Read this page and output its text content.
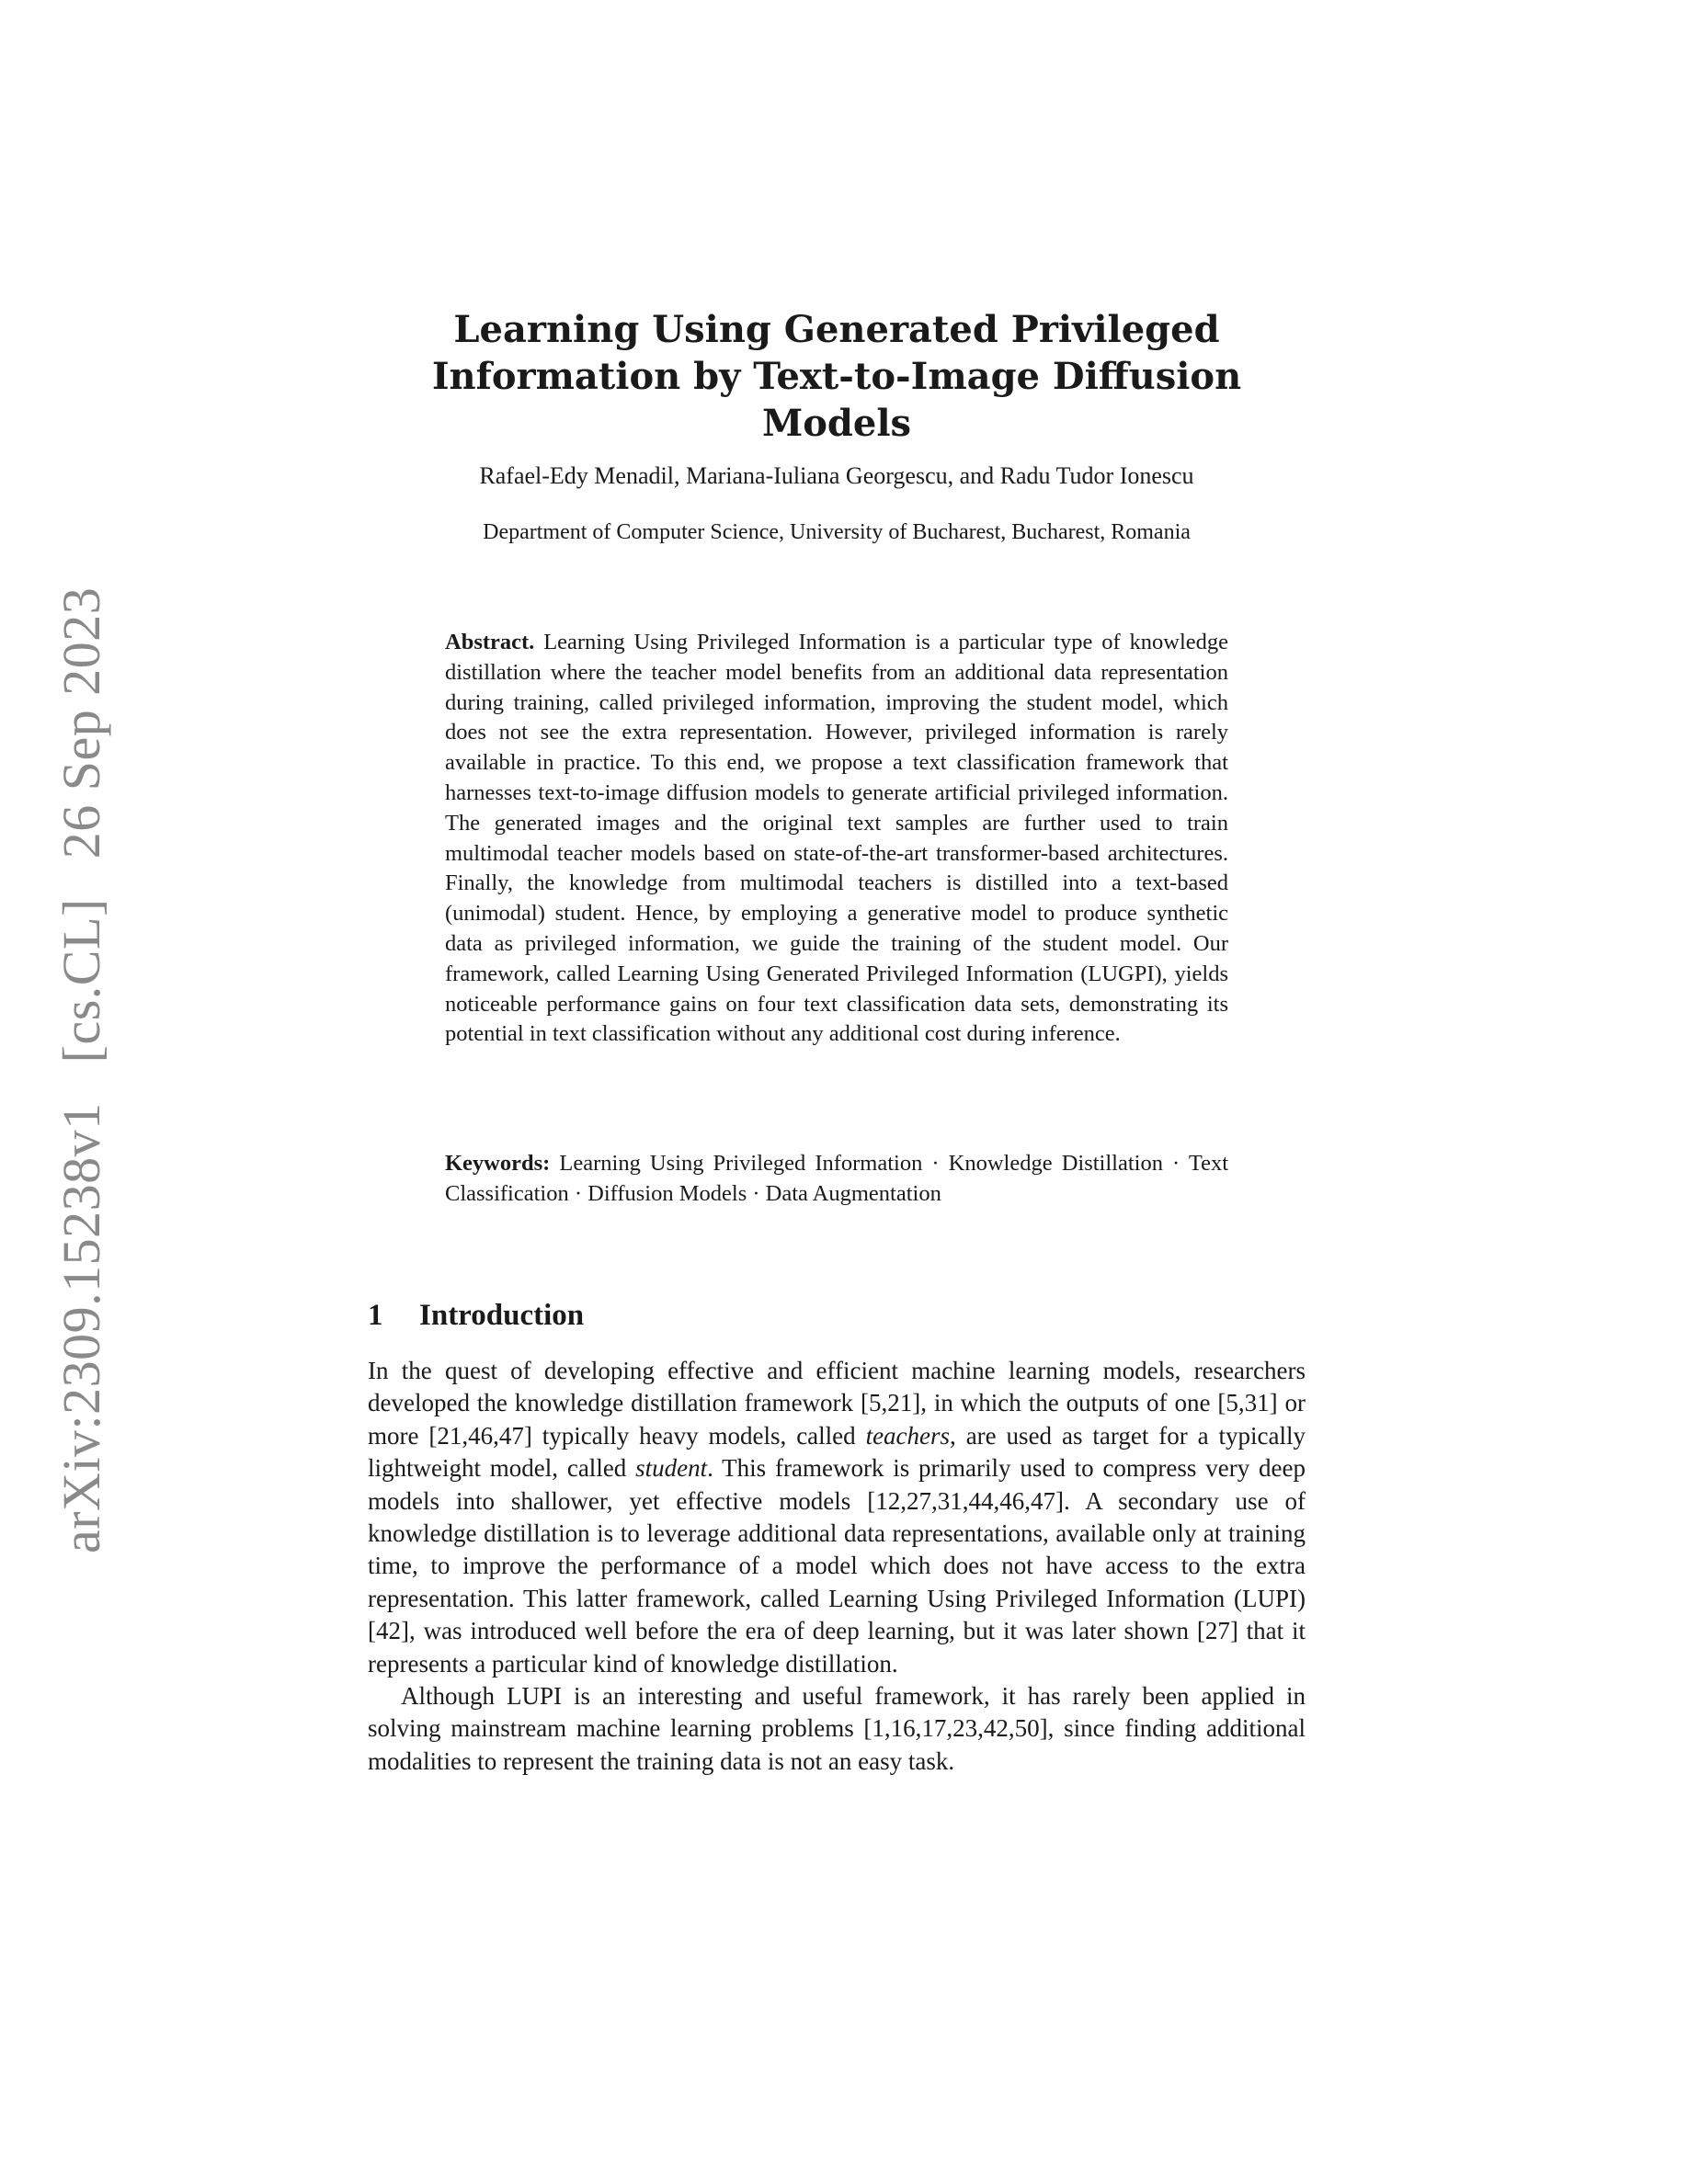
arXiv:2309.15238v1 [cs.CL] 26 Sep 2023
Learning Using Generated Privileged
Information by Text-to-Image Diffusion Models
Rafael-Edy Menadil, Mariana-Iuliana Georgescu, and Radu Tudor Ionescu
Department of Computer Science, University of Bucharest, Bucharest, Romania
Abstract. Learning Using Privileged Information is a particular type of knowledge distillation where the teacher model benefits from an additional data representation during training, called privileged information, improving the student model, which does not see the extra representation. However, privileged information is rarely available in practice. To this end, we propose a text classification framework that harnesses text-to-image diffusion models to generate artificial privileged information. The generated images and the original text samples are further used to train multimodal teacher models based on state-of-the-art transformer-based architectures. Finally, the knowledge from multimodal teachers is distilled into a text-based (unimodal) student. Hence, by employing a generative model to produce synthetic data as privileged information, we guide the training of the student model. Our framework, called Learning Using Generated Privileged Information (LUGPI), yields noticeable performance gains on four text classification data sets, demonstrating its potential in text classification without any additional cost during inference.
Keywords: Learning Using Privileged Information · Knowledge Distillation · Text Classification · Diffusion Models · Data Augmentation
1 Introduction

In the quest of developing effective and efficient machine learning models, researchers developed the knowledge distillation framework [5,21], in which the outputs of one [5,31] or more [21,46,47] typically heavy models, called teachers, are used as target for a typically lightweight model, called student. This framework is primarily used to compress very deep models into shallower, yet effective models [12,27,31,44,46,47]. A secondary use of knowledge distillation is to leverage additional data representations, available only at training time, to improve the performance of a model which does not have access to the extra representation. This latter framework, called Learning Using Privileged Information (LUPI) [42], was introduced well before the era of deep learning, but it was later shown [27] that it represents a particular kind of knowledge distillation.

Although LUPI is an interesting and useful framework, it has rarely been applied in solving mainstream machine learning problems [1,16,17,23,42,50], since finding additional modalities to represent the training data is not an easy task.
